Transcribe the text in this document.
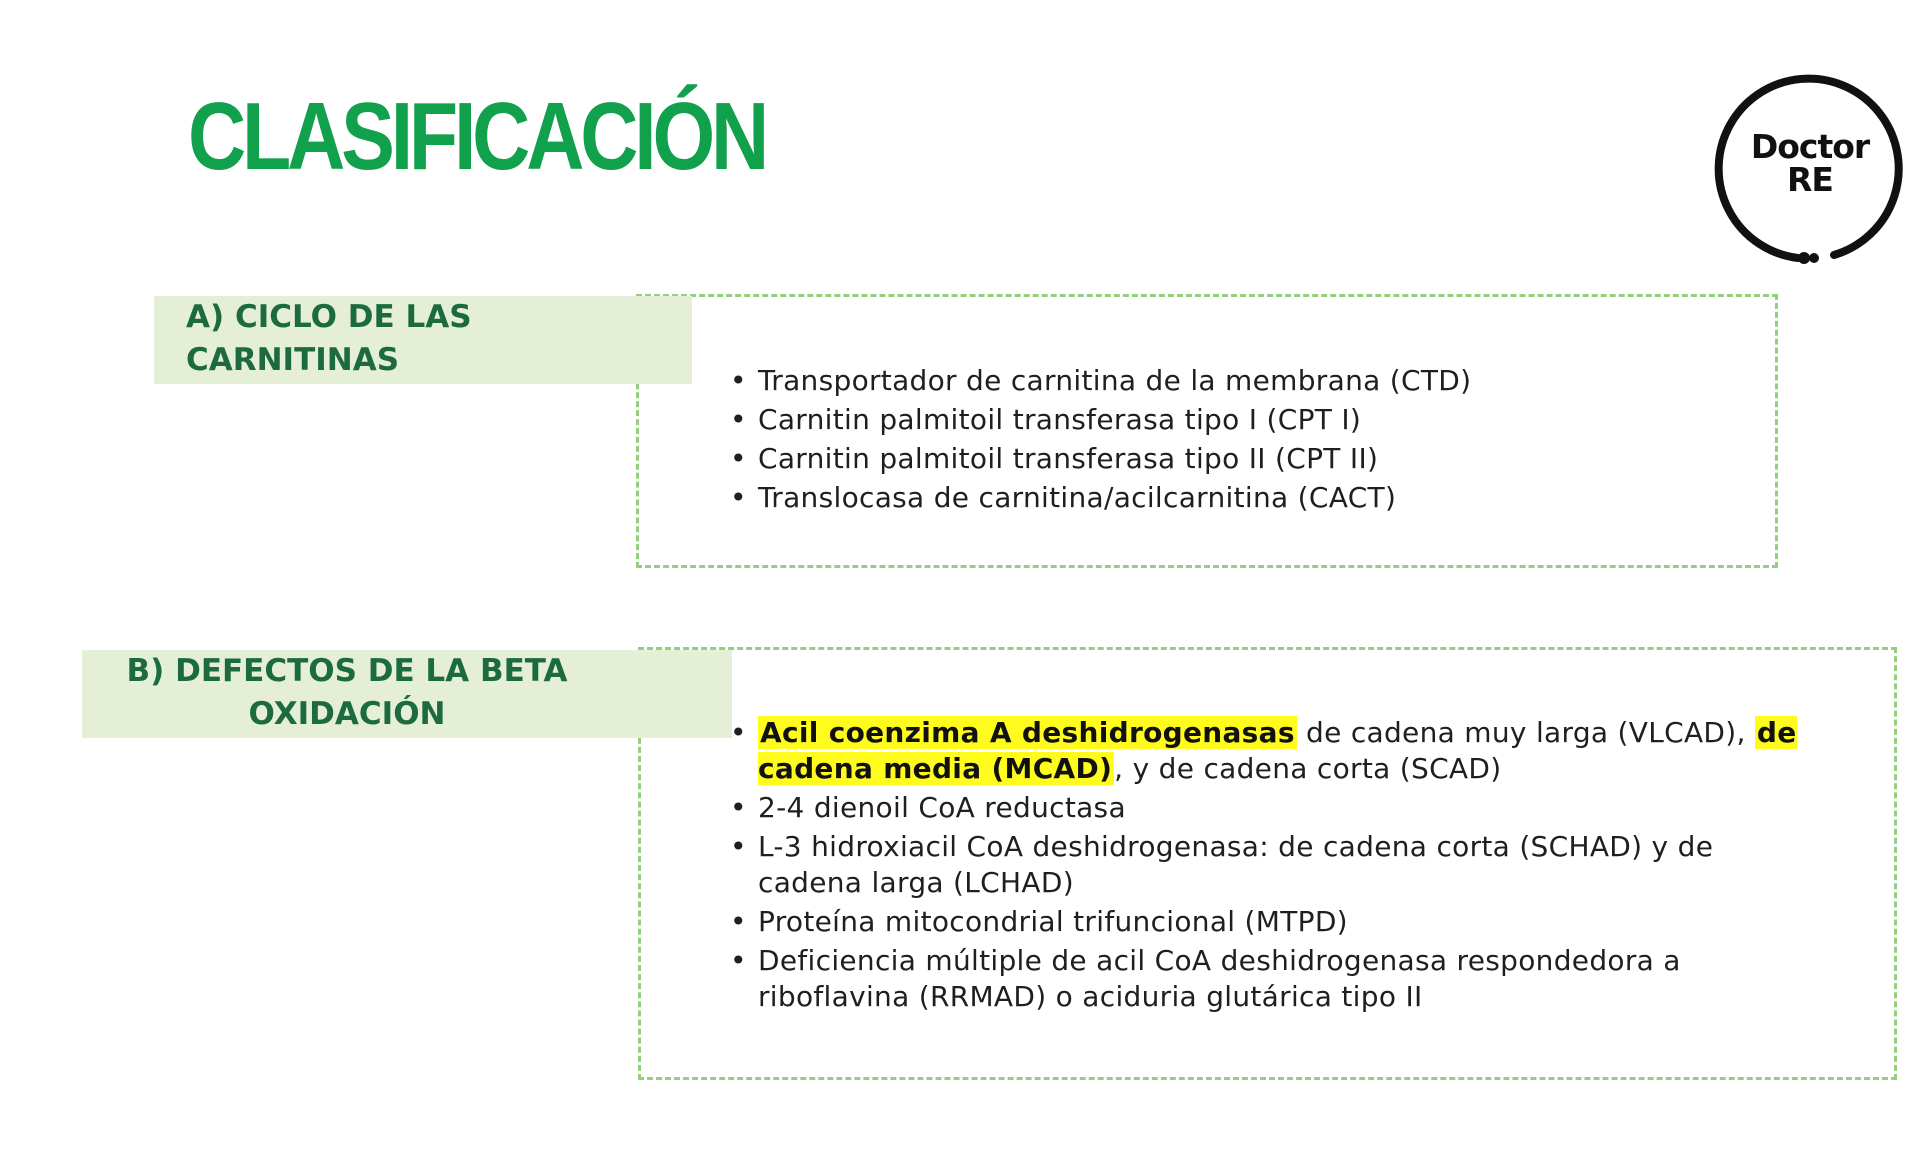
CLASIFICACIÓN	Doctor
RE
A) CICLO DE LAS
CARNITINAS
• Transportador de carnitina de la membrana (CTD)
• Carnitin palmitoil transferasa tipo I (CPT I)
• Carnitin palmitoil transferasa tipo II (CPT II)
• Translocasa de carnitina/acilcarnitina (CACT)
B) DEFECTOS DE LA BETA
OXIDACIÓN
• Acil coenzima A deshidrogenasas de cadena muy larga (VLCAD), de cadena media (MCAD), y de cadena corta (SCAD)
• 2-4 dienoil CoA reductasa
• L-3 hidroxiacil CoA deshidrogenasa: de cadena corta (SCHAD) y de cadena larga (LCHAD)
• Proteína mitocondrial trifuncional (MTPD)
• Deficiencia múltiple de acil CoA deshidrogenasa respondedora a riboflavina (RRMAD) o aciduria glutárica tipo II
